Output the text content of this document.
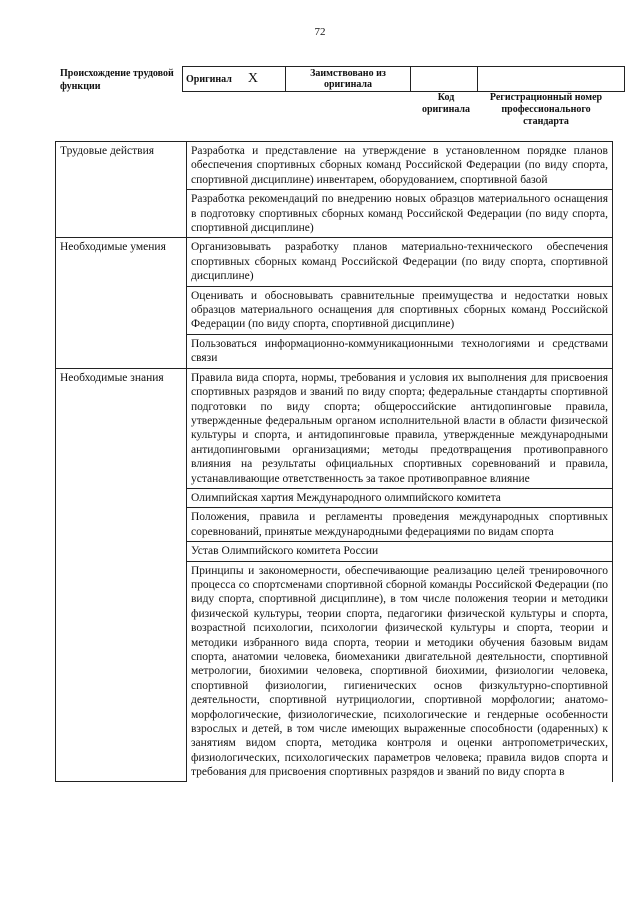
72
Происхождение трудовой функции
Оригинал X	Заимствовано из оригинала		
Код оригинала
Регистрационный номер профессионального стандарта
Трудовые действия	Разработка и представление на утверждение в установленном порядке планов обеспечения спортивных сборных команд Российской Федерации (по виду спорта, спортивной дисциплине) инвентарем, оборудованием, спортивной базой
	Разработка рекомендаций по внедрению новых образцов материального оснащения в подготовку спортивных сборных команд Российской Федерации (по виду спорта, спортивной дисциплине)
Необходимые умения	Организовывать разработку планов материально-технического обеспечения спортивных сборных команд Российской Федерации (по виду спорта, спортивной дисциплине)
	Оценивать и обосновывать сравнительные преимущества и недостатки новых образцов материального оснащения для спортивных сборных команд Российской Федерации (по виду спорта, спортивной дисциплине)
	Пользоваться информационно-коммуникационными технологиями и средствами связи
Необходимые знания	Правила вида спорта, нормы, требования и условия их выполнения для присвоения спортивных разрядов и званий по виду спорта; федеральные стандарты спортивной подготовки по виду спорта; общероссийские антидопинговые правила, утвержденные федеральным органом исполнительной власти в области физической культуры и спорта, и антидопинговые правила, утвержденные международными антидопинговыми организациями; методы предотвращения противоправного влияния на результаты официальных спортивных соревнований и правила, устанавливающие ответственность за такое противоправное влияние
	Олимпийская хартия Международного олимпийского комитета
	Положения, правила и регламенты проведения международных спортивных соревнований, принятые международными федерациями по видам спорта
	Устав Олимпийского комитета России
	Принципы и закономерности, обеспечивающие реализацию целей тренировочного процесса со спортсменами спортивной сборной команды Российской Федерации (по виду спорта, спортивной дисциплине), в том числе положения теории и методики физической культуры, теории спорта, педагогики физической культуры и спорта, возрастной психологии, психологии физической культуры и спорта, теории и методики избранного вида спорта, теории и методики обучения базовым видам спорта, анатомии человека, биомеханики двигательной деятельности, спортивной метрологии, биохимии человека, спортивной биохимии, физиологии человека, спортивной физиологии, гигиенических основ физкультурно-спортивной деятельности, спортивной нутрициологии, спортивной морфологии; анатомо-морфологические, физиологические, психологические и гендерные особенности взрослых и детей, в том числе имеющих выраженные способности (одаренных) к занятиям видом спорта, методика контроля и оценки антропометрических, физиологических, психологических параметров человека; правила видов спорта и требования для присвоения спортивных разрядов и званий по виду спорта в
